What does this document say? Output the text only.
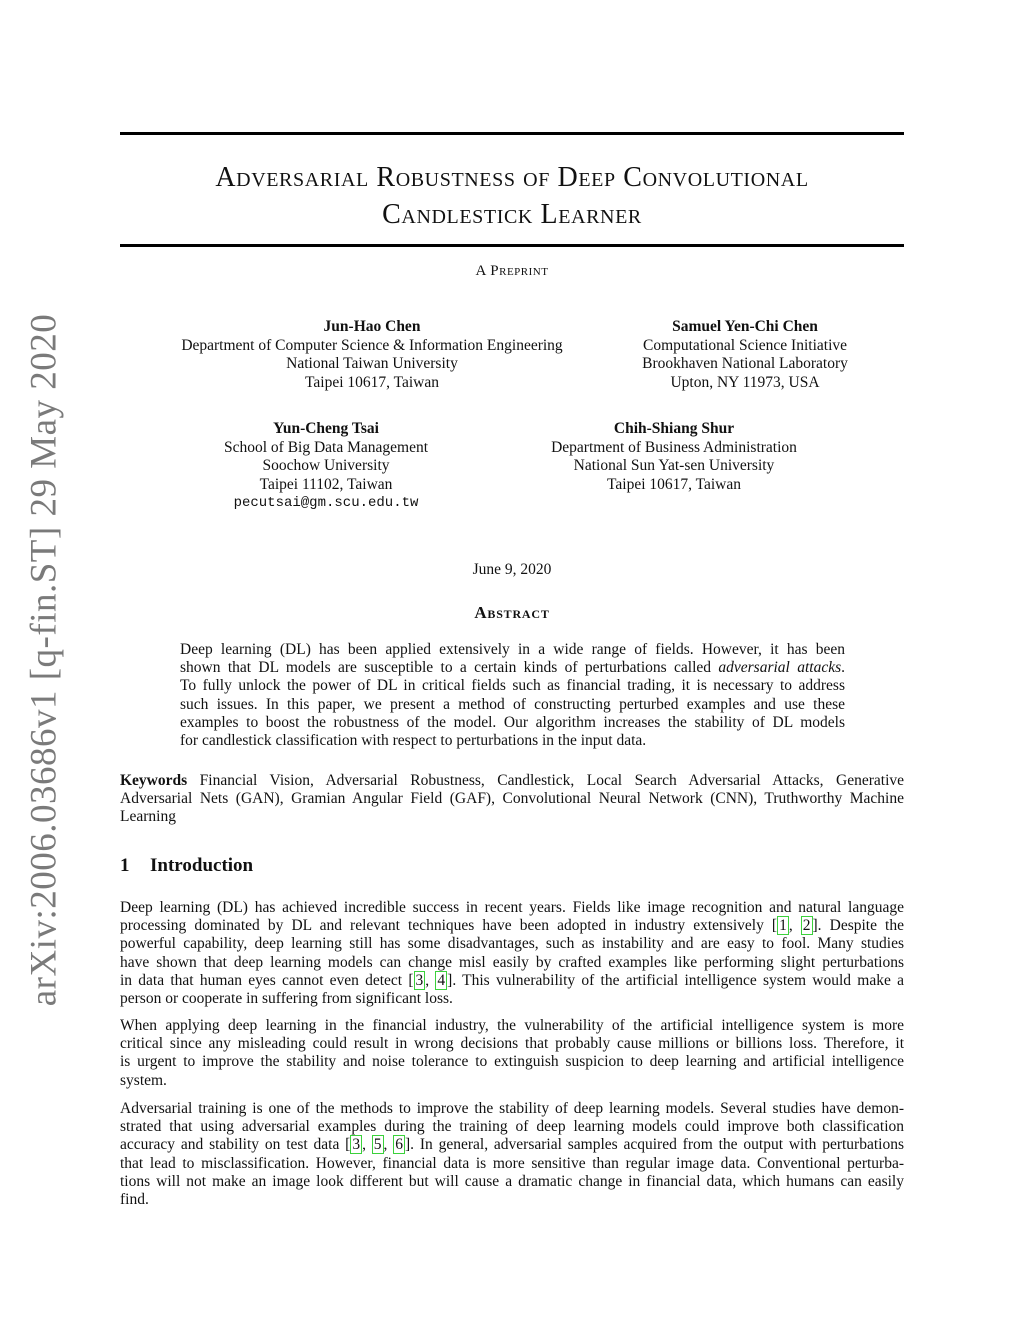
arXiv:2006.03686v1 [q-fin.ST] 29 May 2020
Adversarial Robustness of Deep Convolutional
Candlestick Learner
A Preprint
Jun-Hao Chen
Department of Computer Science & Information Engineering
National Taiwan University
Taipei 10617, Taiwan
Samuel Yen-Chi Chen
Computational Science Initiative
Brookhaven National Laboratory
Upton, NY 11973, USA
Yun-Cheng Tsai
School of Big Data Management
Soochow University
Taipei 11102, Taiwan
pecutsai@gm.scu.edu.tw
Chih-Shiang Shur
Department of Business Administration
National Sun Yat-sen University
Taipei 10617, Taiwan
June 9, 2020
Abstract
Deep learning (DL) has been applied extensively in a wide range of fields. However, it has been
shown that DL models are susceptible to a certain kinds of perturbations called adversarial attacks.
To fully unlock the power of DL in critical fields such as financial trading, it is necessary to address
such issues. In this paper, we present a method of constructing perturbed examples and use these
examples to boost the robustness of the model. Our algorithm increases the stability of DL models
for candlestick classification with respect to perturbations in the input data.
Keywords Financial Vision, Adversarial Robustness, Candlestick, Local Search Adversarial Attacks, Generative
Adversarial Nets (GAN), Gramian Angular Field (GAF), Convolutional Neural Network (CNN), Truthworthy Machine
Learning
1 Introduction
Deep learning (DL) has achieved incredible success in recent years. Fields like image recognition and natural language
processing dominated by DL and relevant techniques have been adopted in industry extensively [ 1 , 2 ]. Despite the
powerful capability, deep learning still has some disadvantages, such as instability and are easy to fool. Many studies
have shown that deep learning models can change misl easily by crafted examples like performing slight perturbations
in data that human eyes cannot even detect [ 3 , 4 ]. This vulnerability of the artificial intelligence system would make a
person or cooperate in suffering from significant loss.
When applying deep learning in the financial industry, the vulnerability of the artificial intelligence system is more
critical since any misleading could result in wrong decisions that probably cause millions or billions loss. Therefore, it
is urgent to improve the stability and noise tolerance to extinguish suspicion to deep learning and artificial intelligence
system.
Adversarial training is one of the methods to improve the stability of deep learning models. Several studies have demon-
strated that using adversarial examples during the training of deep learning models could improve both classification
accuracy and stability on test data [ 3 , 5 , 6 ]. In general, adversarial samples acquired from the output with perturbations
that lead to misclassification. However, financial data is more sensitive than regular image data. Conventional perturba-
tions will not make an image look different but will cause a dramatic change in financial data, which humans can easily
find.
